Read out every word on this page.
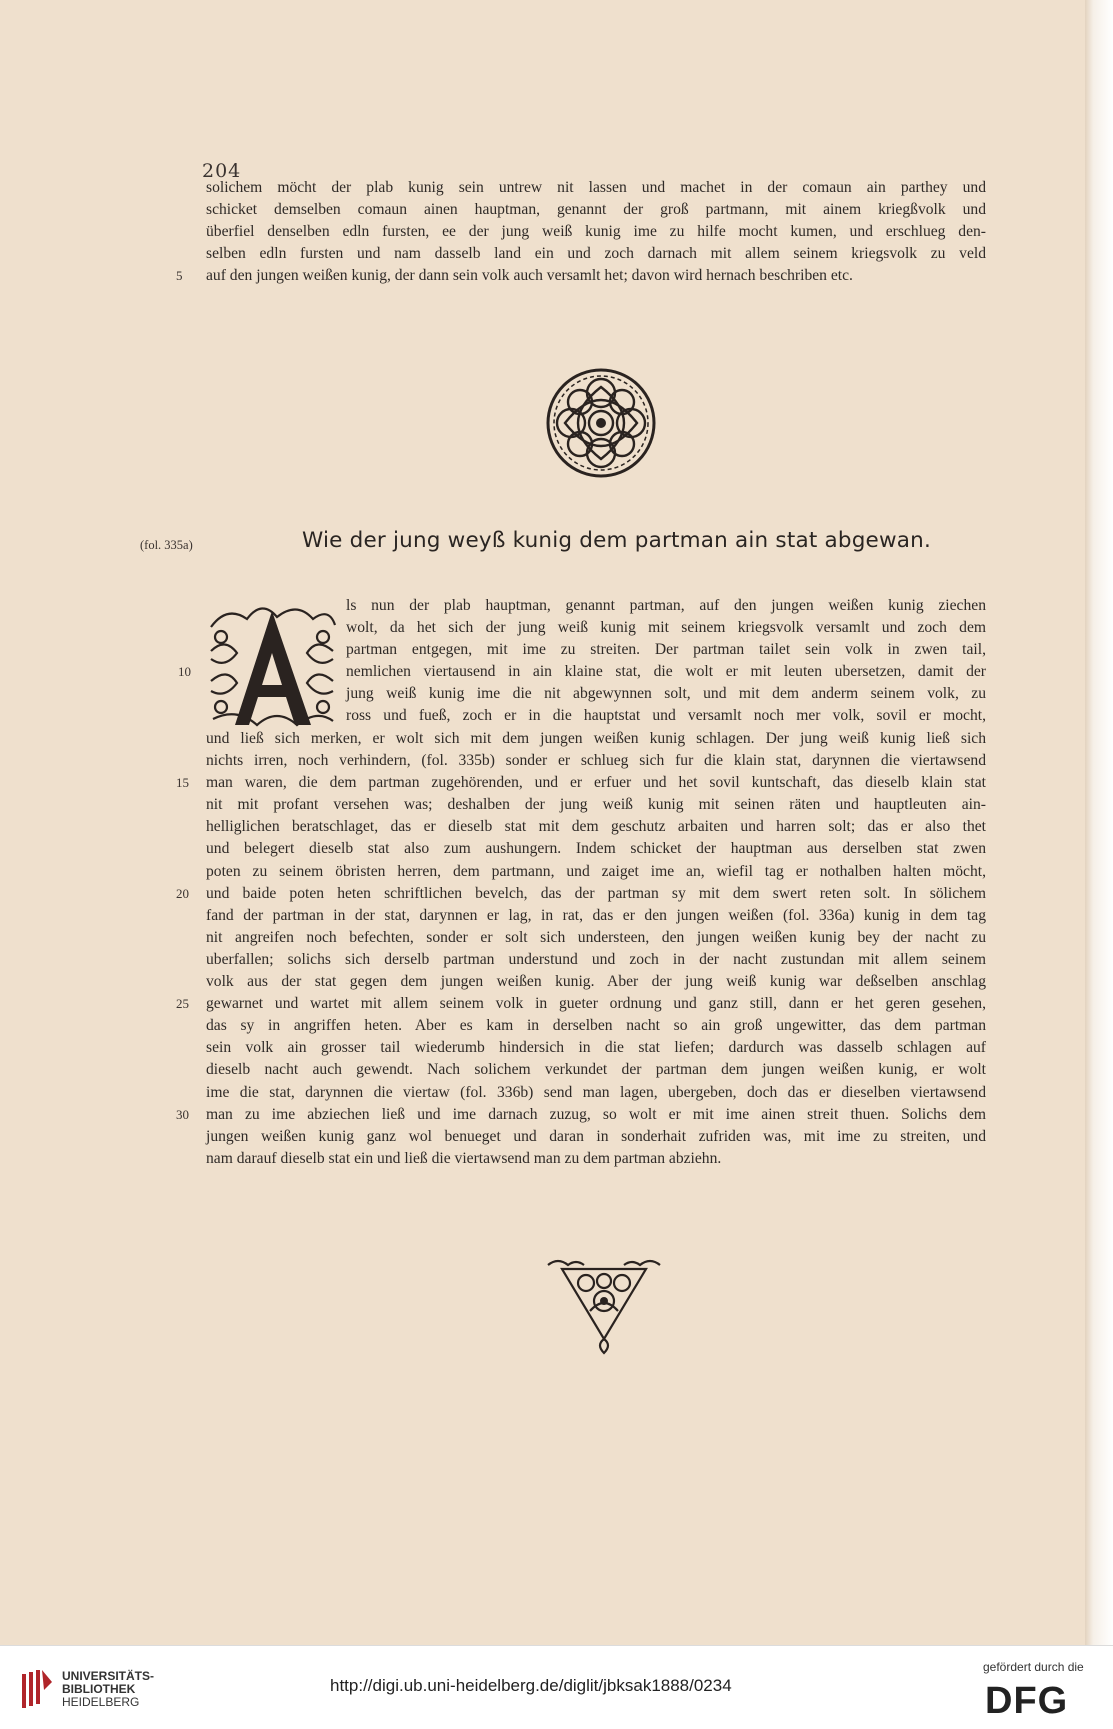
204
solichem möcht der plab kunig sein untrew nit lassen und machet in der comaun ain parthey und
schicket demselben comaun ainen hauptman, genannt der groß partmann, mit ainem kriegßvolk und
überfiel denselben edln fursten, ee der jung weiß kunig ime zu hilfe mocht kumen, und erschlueg den-
selben edln fursten und nam dasselb land ein und zoch darnach mit allem seinem kriegsvolk zu veld
5 auf den jungen weißen kunig, der dann sein volk auch versamlt het; davon wird hernach beschriben etc.
(fol. 335a)	Wie der jung weyß kunig dem partman ain stat abgewan.
ls nun der plab hauptman, genannt partman, auf den jungen weißen kunig ziechen
wolt, da het sich der jung weiß kunig mit seinem kriegsvolk versamlt und zoch dem
partman entgegen, mit ime zu streiten. Der partman tailet sein volk in zwen tail,
10	nemlichen viertausend in ain klaine stat, die wolt er mit leuten ubersetzen, damit der
jung weiß kunig ime die nit abgewynnen solt, und mit dem anderm seinem volk, zu
ross und fueß, zoch er in die hauptstat und versamlt noch mer volk, sovil er mocht,
und ließ sich merken, er wolt sich mit dem jungen weißen kunig schlagen. Der jung weiß kunig ließ sich
nichts irren, noch verhindern, (fol. 335b) sonder er schlueg sich fur die klain stat, darynnen die viertawsend
15 man waren, die dem partman zugehörenden, und er erfuer und het sovil kuntschaft, das dieselb klain stat
nit mit profant versehen was; deshalben der jung weiß kunig mit seinen räten und hauptleuten ain-
helliglichen beratschlaget, das er dieselb stat mit dem geschutz arbaiten und harren solt; das er also thet
und belegert dieselb stat also zum aushungern. Indem schicket der hauptman aus derselben stat zwen
poten zu seinem öbristen herren, dem partmann, und zaiget ime an, wiefil tag er nothalben halten möcht,
20 und baide poten heten schriftlichen bevelch, das der partman sy mit dem swert reten solt. In sölichem
fand der partman in der stat, darynnen er lag, in rat, das er den jungen weißen (fol. 336a) kunig in dem tag
nit angreifen noch befechten, sonder er solt sich understeen, den jungen weißen kunig bey der nacht zu
uberfallen; solichs sich derselb partman understund und zoch in der nacht zustundan mit allem seinem
volk aus der stat gegen dem jungen weißen kunig. Aber der jung weiß kunig war deßselben anschlag
25 gewarnet und wartet mit allem seinem volk in gueter ordnung und ganz still, dann er het geren gesehen,
das sy in angriffen heten. Aber es kam in derselben nacht so ain groß ungewitter, das dem partman
sein volk ain grosser tail wiederumb hindersich in die stat liefen; dardurch was dasselb schlagen auf
dieselb nacht auch gewendt. Nach solichem verkundet der partman dem jungen weißen kunig, er wolt
ime die stat, darynnen die viertaw (fol. 336b) send man lagen, ubergeben, doch das er dieselben viertawsend
30 man zu ime abziechen ließ und ime darnach zuzug, so wolt er mit ime ainen streit thuen. Solichs dem
jungen weißen kunig ganz wol benueget und daran in sonderhait zufriden was, mit ime zu streiten, und
nam darauf dieselb stat ein und ließ die viertawsend man zu dem partman abziehn.
UNIVERSITÄTS-
BIBLIOTHEK
HEIDELBERG
http://digi.ub.uni-heidelberg.de/diglit/jbksak1888/0234
gefördert durch die
DFG
